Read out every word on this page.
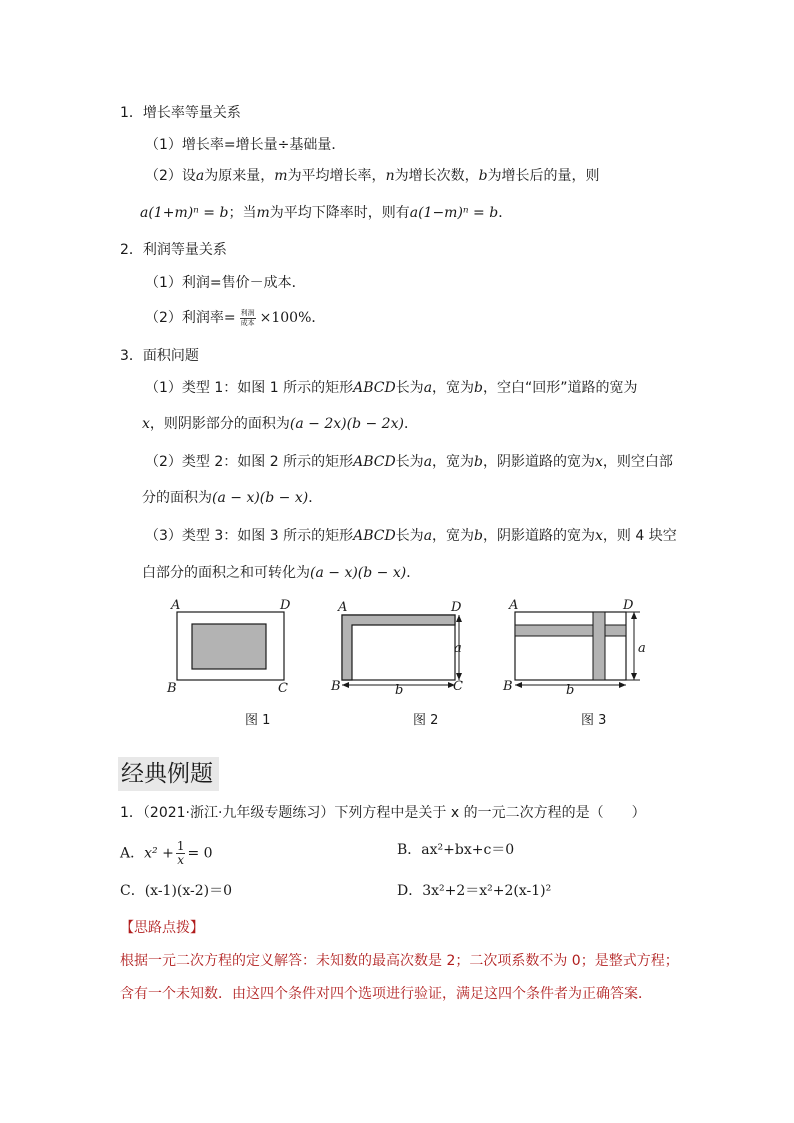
1．增长率等量关系
（1）增长率=增长量÷基础量．
（2）设a为原来量，m为平均增长率，n为增长次数，b为增长后的量，则
a(1+m)ⁿ = b；当m为平均下降率时，则有a(1−m)ⁿ = b．
2．利润等量关系
（1）利润=售价－成本．
（2）利润率= $\frac{\text{利润}}{\text{成本}} \times 100\%$．
3．面积问题
（1）类型 1：如图 1 所示的矩形ABCD长为a，宽为b，空白“回形”道路的宽为
x，则阴影部分的面积为(a − 2x)(b − 2x)．
（2）类型 2：如图 2 所示的矩形ABCD长为a，宽为b，阴影道路的宽为x，则空白部
分的面积为(a − x)(b − x)．
（3）类型 3：如图 3 所示的矩形ABCD长为a，宽为b，阴影道路的宽为x，则 4 块空
白部分的面积之和可转化为(a − x)(b − x)．
A	D
B	C
图 1
A	D
B	C
a
b
图 2
A	D
B
a
b
图 3
经典例题
1．（2021·浙江·九年级专题练习）下列方程中是关于 x 的一元二次方程的是（　　）
A．$x^2 + \frac{1}{x} = 0$	B．ax²+bx+c＝0
C．(x-1)(x-2)＝0	D．3x²+2＝x²+2(x-1)²
【思路点拨】
根据一元二次方程的定义解答：未知数的最高次数是 2；二次项系数不为 0；是整式方程；
含有一个未知数．由这四个条件对四个选项进行验证，满足这四个条件者为正确答案．
